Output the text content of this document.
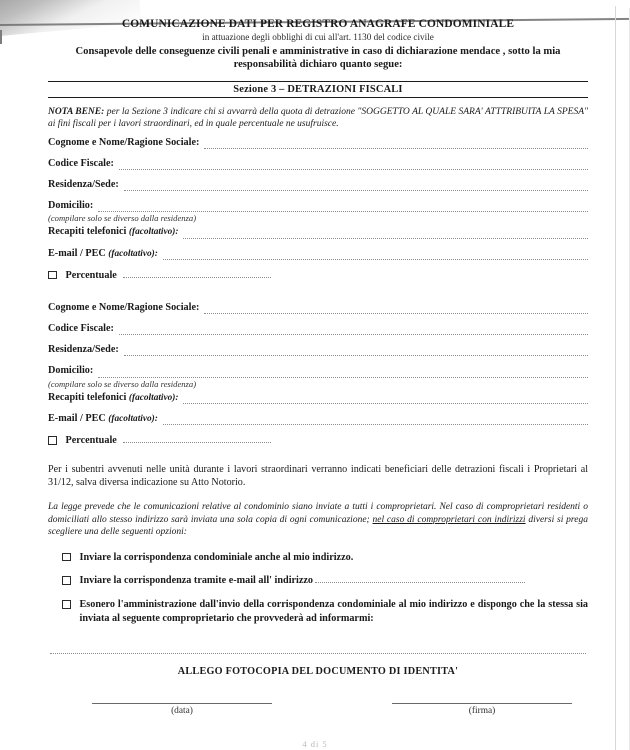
COMUNICAZIONE DATI PER REGISTRO ANAGRAFE CONDOMINIALE
in attuazione degli obblighi di cui all'art. 1130 del codice civile
Consapevole delle conseguenze civili penali e amministrative in caso di dichiarazione mendace , sotto la mia responsabilità dichiaro quanto segue:
Sezione 3 – DETRAZIONI FISCALI

NOTA BENE: per la Sezione 3 indicare chi si avvarrà della quota di detrazione "SOGGETTO AL QUALE SARA' ATTTRIBUITA LA SPESA" ai fini fiscali per i lavori straordinari, ed in quale percentuale ne usufruisce.

Cognome e Nome/Ragione Sociale:
Codice Fiscale:
Residenza/Sede:
Domicilio:
(compilare solo se diverso dalla residenza)
Recapiti telefonici (facoltativo):
E-mail / PEC (facoltativo):
Percentuale
Cognome e Nome/Ragione Sociale:
Codice Fiscale:
Residenza/Sede:
Domicilio:
(compilare solo se diverso dalla residenza)
Recapiti telefonici (facoltativo):
E-mail / PEC (facoltativo):
Percentuale

Per i subentri avvenuti nelle unità durante i lavori straordinari verranno indicati beneficiari delle detrazioni fiscali i Proprietari al 31/12, salva diversa indicazione su Atto Notorio.

La legge prevede che le comunicazioni relative al condominio siano inviate a tutti i comproprietari. Nel caso di comproprietari residenti o domiciliati allo stesso indirizzo sarà inviata una sola copia di ogni comunicazione; nel caso di comproprietari con indirizzi diversi si prega scegliere una delle seguenti opzioni:

Inviare la corrispondenza condominiale anche al mio indirizzo.
Inviare la corrispondenza tramite e-mail all' indirizzo
Esonero l'amministrazione dall'invio della corrispondenza condominiale al mio indirizzo e dispongo che la stessa sia inviata al seguente comproprietario che provvederà ad informarmi:
ALLEGO FOTOCOPIA DEL DOCUMENTO DI IDENTITA'
(data)	(firma)
4 di 5
